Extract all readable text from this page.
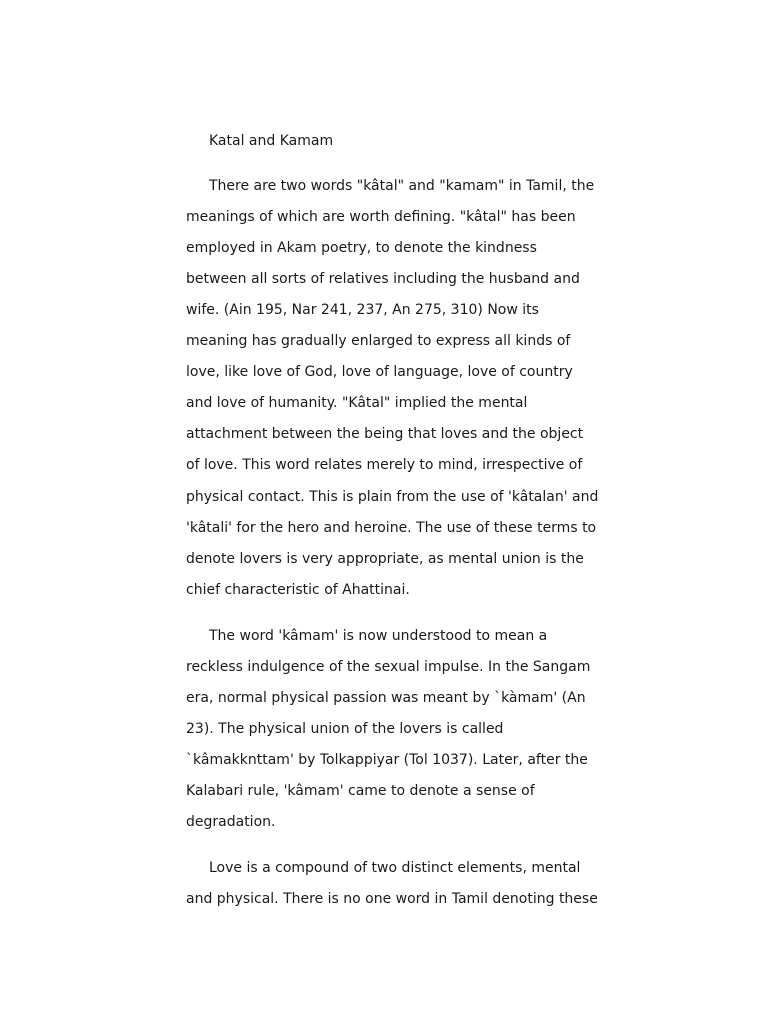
Katal and Kamam
There are two words "kâtal" and "kamam" in Tamil, the
meanings of which are worth defining. "kâtal" has been
employed in Akam poetry, to denote the kindness
between all sorts of relatives including the husband and
wife. (Ain 195, Nar 241, 237, An 275, 310) Now its
meaning has gradually enlarged to express all kinds of
love, like love of God, love of language, love of country
and love of humanity. "Kâtal" implied the mental
attachment between the being that loves and the object
of love. This word relates merely to mind, irrespective of
physical contact. This is plain from the use of 'kâtalan' and
'kâtali' for the hero and heroine. The use of these terms to
denote lovers is very appropriate, as mental union is the
chief characteristic of Ahattinai.
The word 'kâmam' is now understood to mean a
reckless indulgence of the sexual impulse. In the Sangam
era, normal physical passion was meant by `kàmam' (An
23). The physical union of the lovers is called
`kâmakknttam' by Tolkappiyar (Tol 1037). Later, after the
Kalabari rule, 'kâmam' came to denote a sense of
degradation.
Love is a compound of two distinct elements, mental
and physical. There is no one word in Tamil denoting these
